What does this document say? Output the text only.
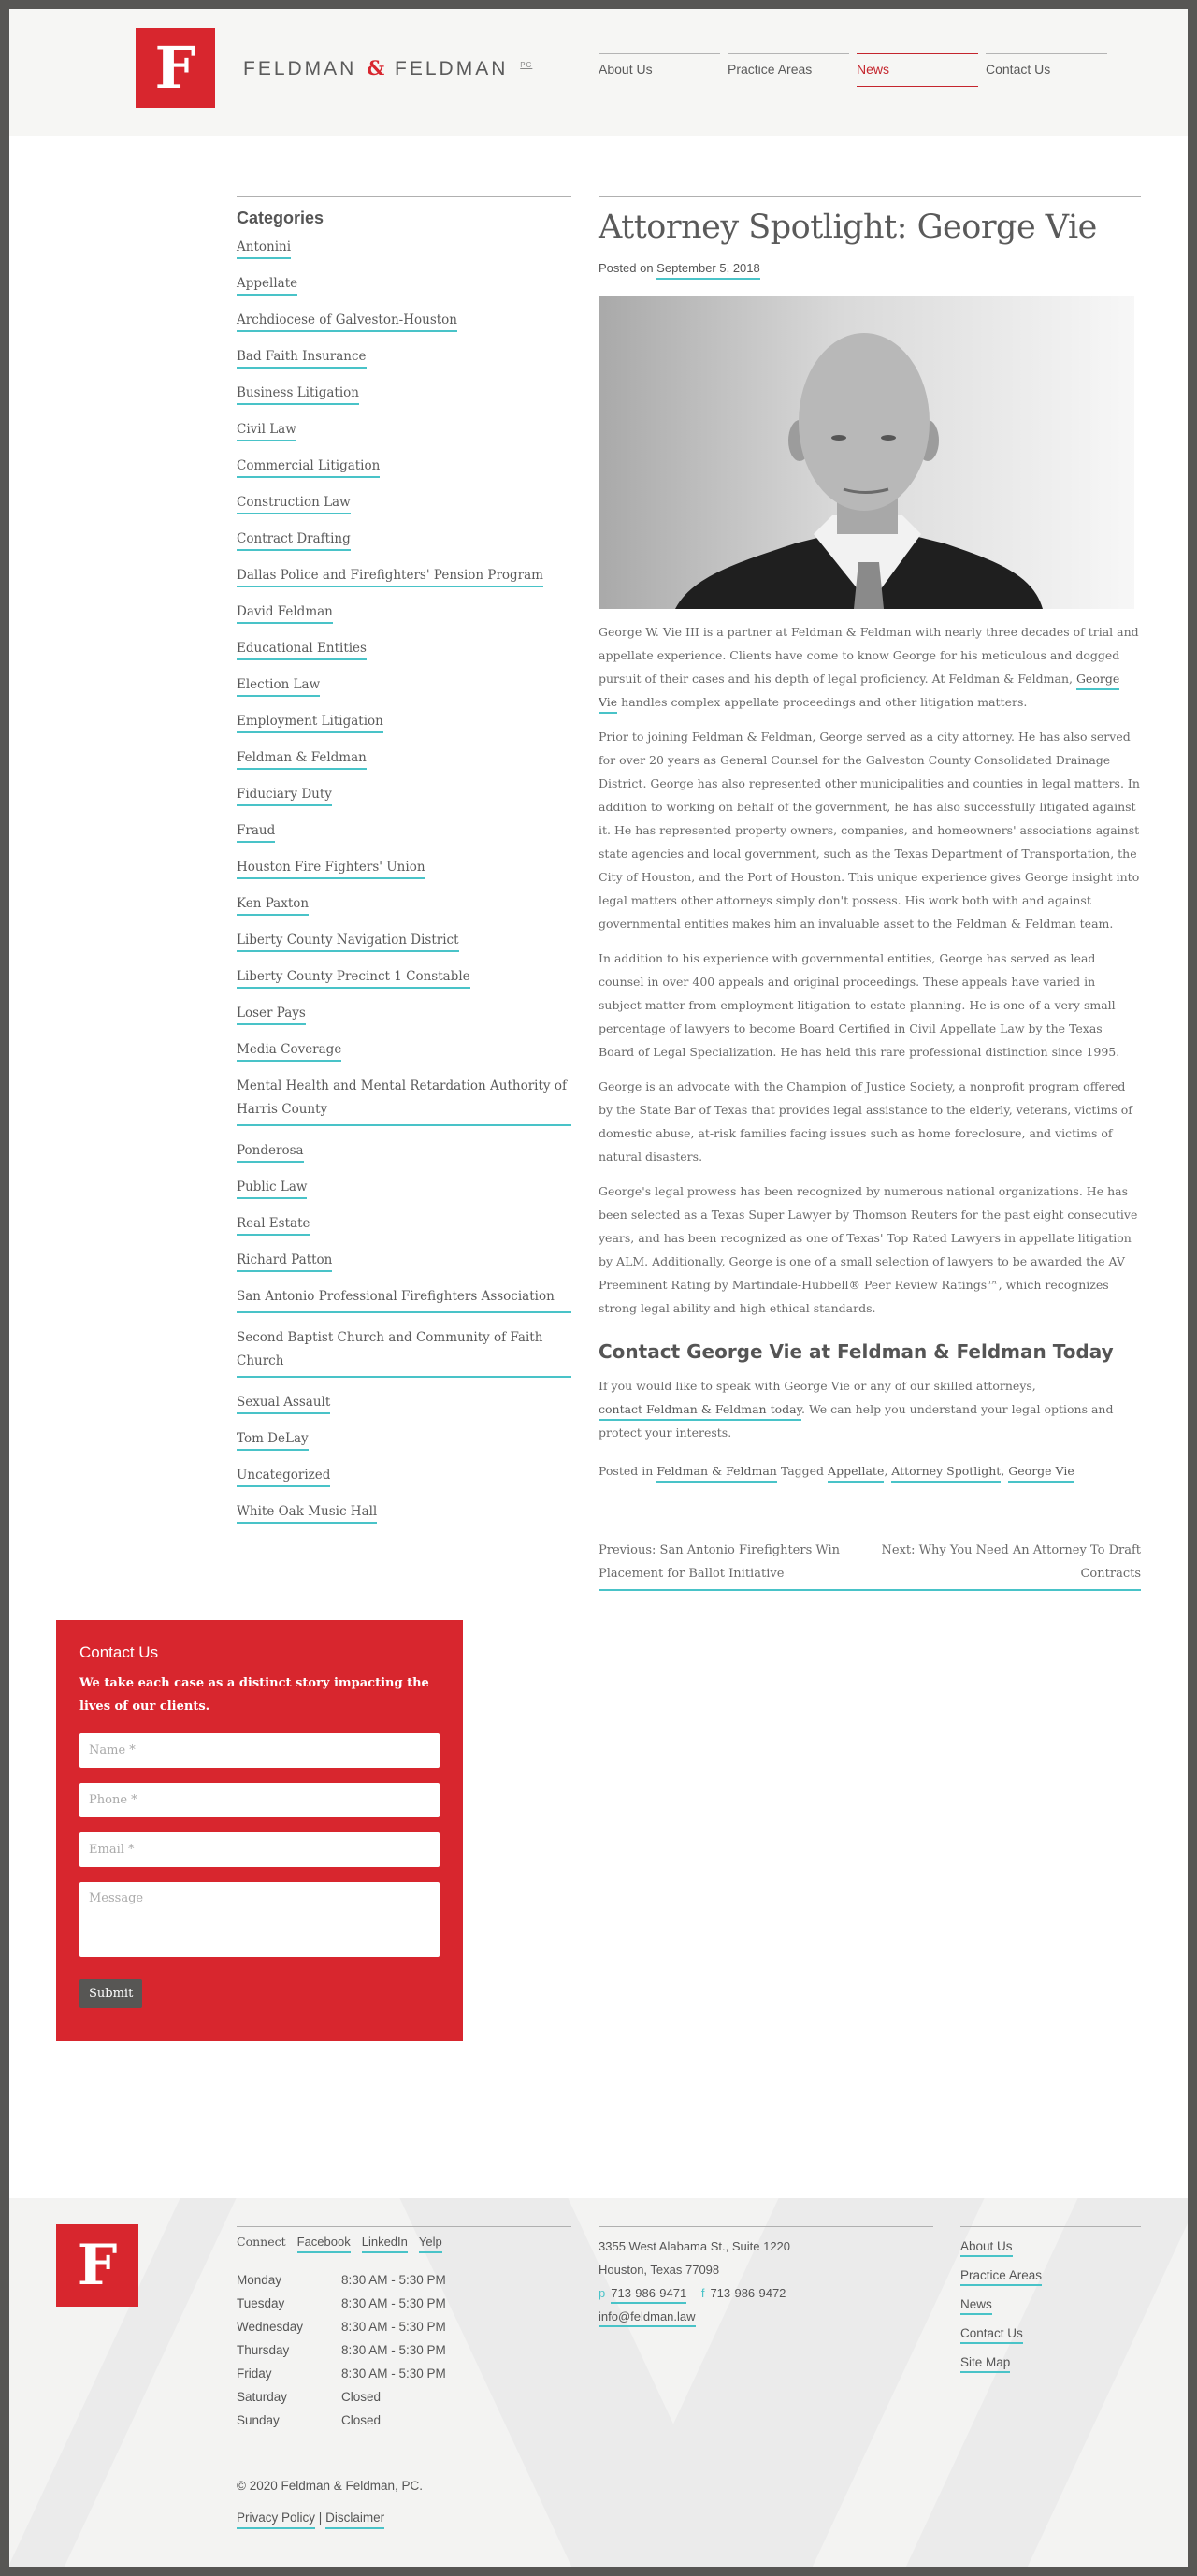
F FELDMAN & FELDMAN $^{PC}$	About Us	Practice Areas	News	Contact Us
Categories
Antonini
Appellate
Archdiocese of Galveston-Houston
Bad Faith Insurance
Business Litigation
Civil Law
Commercial Litigation
Construction Law
Contract Drafting
Dallas Police and Firefighters' Pension Program
David Feldman
Educational Entities
Election Law
Employment Litigation
Feldman & Feldman
Fiduciary Duty
Fraud
Houston Fire Fighters' Union
Ken Paxton
Liberty County Navigation District
Liberty County Precinct 1 Constable
Loser Pays
Media Coverage
Mental Health and Mental Retardation Authority of Harris County
Ponderosa
Public Law
Real Estate
Richard Patton
San Antonio Professional Firefighters Association
Second Baptist Church and Community of Faith Church
Sexual Assault
Tom DeLay
Uncategorized
White Oak Music Hall
Attorney Spotlight: George Vie
Posted on September 5, 2018

George W. Vie III is a partner at Feldman & Feldman with nearly three decades of trial and appellate experience. Clients have come to know George for his meticulous and dogged pursuit of their cases and his depth of legal proficiency. At Feldman & Feldman, George Vie handles complex appellate proceedings and other litigation matters.

Prior to joining Feldman & Feldman, George served as a city attorney. He has also served for over 20 years as General Counsel for the Galveston County Consolidated Drainage District. George has also represented other municipalities and counties in legal matters. In addition to working on behalf of the government, he has also successfully litigated against it. He has represented property owners, companies, and homeowners' associations against state agencies and local government, such as the Texas Department of Transportation, the City of Houston, and the Port of Houston. This unique experience gives George insight into legal matters other attorneys simply don't possess. His work both with and against governmental entities makes him an invaluable asset to the Feldman & Feldman team.

In addition to his experience with governmental entities, George has served as lead counsel in over 400 appeals and original proceedings. These appeals have varied in subject matter from employment litigation to estate planning. He is one of a very small percentage of lawyers to become Board Certified in Civil Appellate Law by the Texas Board of Legal Specialization. He has held this rare professional distinction since 1995.

George is an advocate with the Champion of Justice Society, a nonprofit program offered by the State Bar of Texas that provides legal assistance to the elderly, veterans, victims of domestic abuse, at-risk families facing issues such as home foreclosure, and victims of natural disasters.

George's legal prowess has been recognized by numerous national organizations. He has been selected as a Texas Super Lawyer by Thomson Reuters for the past eight consecutive years, and has been recognized as one of Texas' Top Rated Lawyers in appellate litigation by ALM. Additionally, George is one of a small selection of lawyers to be awarded the AV Preeminent Rating by Martindale-Hubbell® Peer Review Ratings™, which recognizes strong legal ability and high ethical standards.

Contact George Vie at Feldman & Feldman Today

If you would like to speak with George Vie or any of our skilled attorneys,
contact Feldman & Feldman today. We can help you understand your legal options and protect your interests.

Posted in Feldman & Feldman Tagged Appellate, Attorney Spotlight, George Vie
Previous: San Antonio Firefighters Win Placement for Ballot Initiative
Next: Why You Need An Attorney To Draft Contracts
Contact Us

We take each case as a distinct story impacting the lives of our clients.

Name *
Phone *
Email *
Message Submit
F	Connect Facebook LinkedIn Yelp
Monday	8:30 AM - 5:30 PM
Tuesday	8:30 AM - 5:30 PM
Wednesday	8:30 AM - 5:30 PM
Thursday	8:30 AM - 5:30 PM
Friday	8:30 AM - 5:30 PM
Saturday	Closed
Sunday	Closed
3355 West Alabama St., Suite 1220
Houston, Texas 77098
p 713-986-9471 f 713-986-9472
info@feldman.law
About Us
Practice Areas
News
Contact Us
Site Map
© 2020 Feldman & Feldman, PC.
Privacy Policy | Disclaimer
